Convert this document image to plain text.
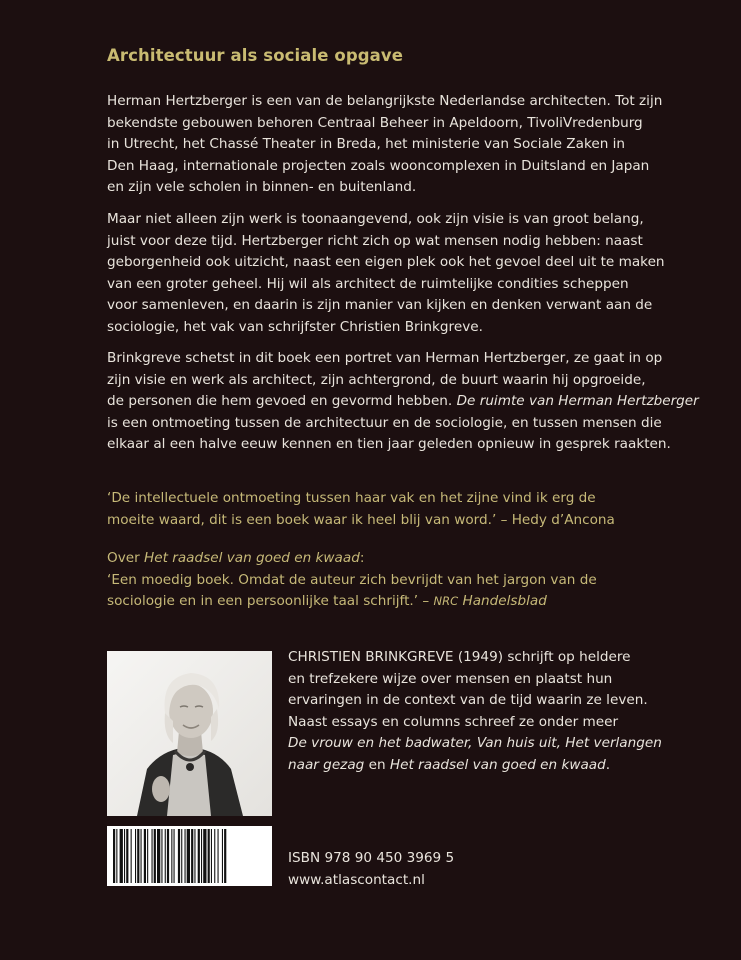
Architectuur als sociale opgave

Herman Hertzberger is een van de belangrijkste Nederlandse architecten. Tot zijn
bekendste gebouwen behoren Centraal Beheer in Apeldoorn, TivoliVredenburg
in Utrecht, het Chassé Theater in Breda, het ministerie van Sociale Zaken in
Den Haag, internationale projecten zoals wooncomplexen in Duitsland en Japan
en zijn vele scholen in binnen- en buitenland.

Maar niet alleen zijn werk is toonaangevend, ook zijn visie is van groot belang,
juist voor deze tijd. Hertzberger richt zich op wat mensen nodig hebben: naast
geborgenheid ook uitzicht, naast een eigen plek ook het gevoel deel uit te maken
van een groter geheel. Hij wil als architect de ruimtelijke condities scheppen
voor samenleven, en daarin is zijn manier van kijken en denken verwant aan de
sociologie, het vak van schrijfster Christien Brinkgreve.

Brinkgreve schetst in dit boek een portret van Herman Hertzberger, ze gaat in op
zijn visie en werk als architect, zijn achtergrond, de buurt waarin hij opgroeide,
de personen die hem gevoed en gevormd hebben. De ruimte van Herman Hertzberger
is een ontmoeting tussen de architectuur en de sociologie, en tussen mensen die
elkaar al een halve eeuw kennen en tien jaar geleden opnieuw in gesprek raakten.

‘De intellectuele ontmoeting tussen haar vak en het zijne vind ik erg de
moeite waard, dit is een boek waar ik heel blij van word.’ – Hedy d’Ancona

Over Het raadsel van goed en kwaad:
‘Een moedig boek. Omdat de auteur zich bevrijdt van het jargon van de
sociologie en in een persoonlijke taal schrijft.’ – NRC Handelsblad

CHRISTIEN BRINKGREVE (1949) schrijft op heldere
en trefzekere wijze over mensen en plaatst hun
ervaringen in de context van de tijd waarin ze leven.
Naast essays en columns schreef ze onder meer
De vrouw en het badwater, Van huis uit, Het verlangen
naar gezag en Het raadsel van goed en kwaad.

ISBN 978 90 450 3969 5
www.atlascontact.nl
